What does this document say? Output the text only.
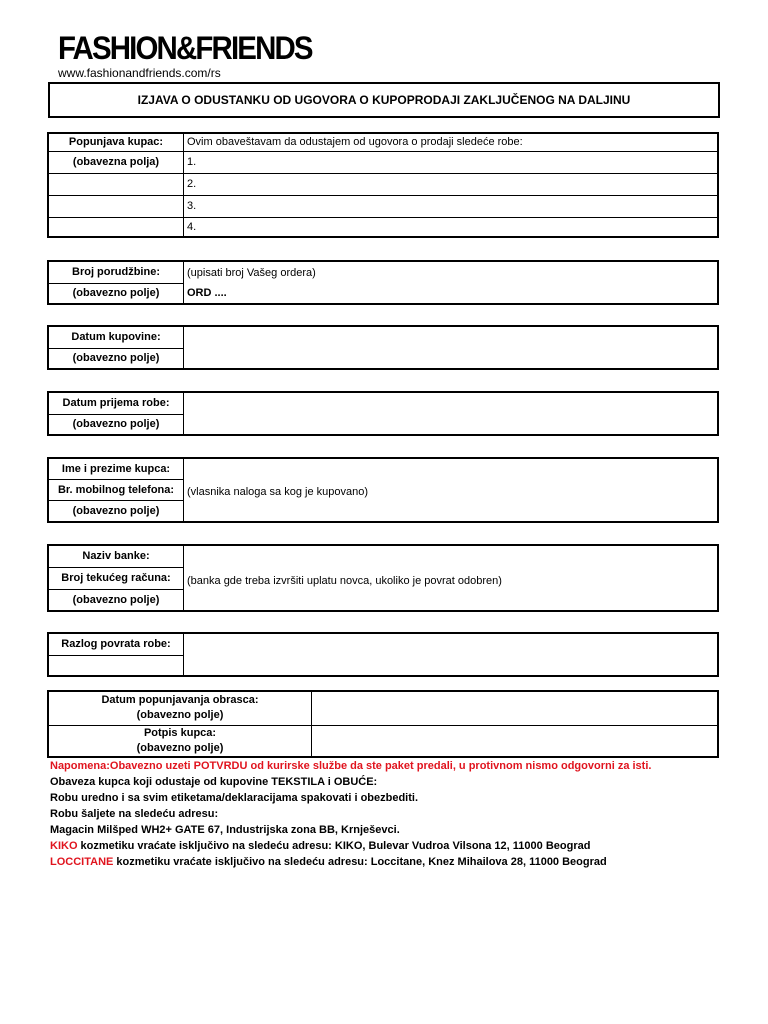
FASHION&FRIENDS
www.fashionandfriends.com/rs
IZJAVA O ODUSTANKU OD UGOVORA O KUPOPRODAJI ZAKLJUČENOG NA DALJINU
Popunjava kupac:	Ovim obaveštavam da odustajem od ugovora o prodaji sledeće robe:
(obavezna polja)	1.
	2.
	3.
	4.
Broj porudžbine:	(upisati broj Vašeg ordera)
(obavezno polje)	ORD ....
Datum kupovine:	
(obavezno polje)
Datum prijema robe:	
(obavezno polje)
Ime i prezime kupca:	(vlasnika naloga sa kog je kupovano)
Br. mobilnog telefona:
(obavezno polje)
Naziv banke:	(banka gde treba izvršiti uplatu novca, ukoliko je povrat odobren)
Broj tekućeg računa:
(obavezno polje)
Razlog povrata robe:	

Datum popunjavanja obrasca:
(obavezno polje)	

Potpis kupca:
(obavezno polje)	

Napomena:Obavezno uzeti POTVRDU od kurirske službe da ste paket predali, u protivnom nismo odgovorni za isti.
Obaveza kupca koji odustaje od kupovine TEKSTILA i OBUĆE:
Robu uredno i sa svim etiketama/deklaracijama spakovati i obezbediti.
Robu šaljete na sledeću adresu:
Magacin Milšped WH2+ GATE 67, Industrijska zona BB, Krnješevci.
KIKO kozmetiku vraćate isključivo na sledeću adresu: KIKO, Bulevar Vudroa Vilsona 12, 11000 Beograd
LOCCITANE kozmetiku vraćate isključivo na sledeću adresu: Loccitane, Knez Mihailova 28, 11000 Beograd
